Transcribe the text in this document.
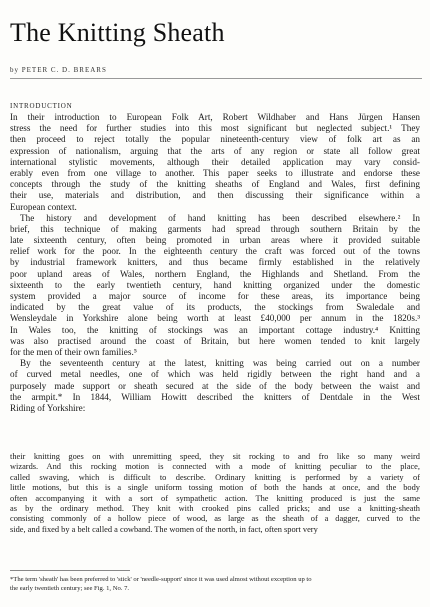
The Knitting Sheath
by PETER C. D. BREARS
INTRODUCTION
In their introduction to European Folk Art, Robert Wildhaber and Hans Jürgen Hansen
stress the need for further studies into this most significant but neglected subject.¹ They
then proceed to reject totally the popular nineteenth-century view of folk art as an
expression of nationalism, arguing that the arts of any region or state all follow great
international stylistic movements, although their detailed application may vary consid-
erably even from one village to another. This paper seeks to illustrate and endorse these
concepts through the study of the knitting sheaths of England and Wales, first defining
their use, materials and distribution, and then discussing their significance within a
European context.
The history and development of hand knitting has been described elsewhere.² In
brief, this technique of making garments had spread through southern Britain by the
late sixteenth century, often being promoted in urban areas where it provided suitable
relief work for the poor. In the eighteenth century the craft was forced out of the towns
by industrial framework knitters, and thus became firmly established in the relatively
poor upland areas of Wales, northern England, the Highlands and Shetland. From the
sixteenth to the early twentieth century, hand knitting organized under the domestic
system provided a major source of income for these areas, its importance being
indicated by the great value of its products, the stockings from Swaledale and
Wensleydale in Yorkshire alone being worth at least £40,000 per annum in the 1820s.³
In Wales too, the knitting of stockings was an important cottage industry.⁴ Knitting
was also practised around the coast of Britain, but here women tended to knit largely
for the men of their own families.⁵
By the seventeenth century at the latest, knitting was being carried out on a number
of curved metal needles, one of which was held rigidly between the right hand and a
purposely made support or sheath secured at the side of the body between the waist and
the armpit.* In 1844, William Howitt described the knitters of Dentdale in the West
Riding of Yorkshire:
their knitting goes on with unremitting speed, they sit rocking to and fro like so many weird
wizards. And this rocking motion is connected with a mode of knitting peculiar to the place,
called swaving, which is difficult to describe. Ordinary knitting is performed by a variety of
little motions, but this is a single uniform tossing motion of both the hands at once, and the body
often accompanying it with a sort of sympathetic action. The knitting produced is just the same
as by the ordinary method. They knit with crooked pins called pricks; and use a knitting-sheath
consisting commonly of a hollow piece of wood, as large as the sheath of a dagger, curved to the
side, and fixed by a belt called a cowband. The women of the north, in fact, often sport very
*The term 'sheath' has been preferred to 'stick' or 'needle-support' since it was used almost without exception up to
the early twentieth century; see Fig. 1, No. 7.
